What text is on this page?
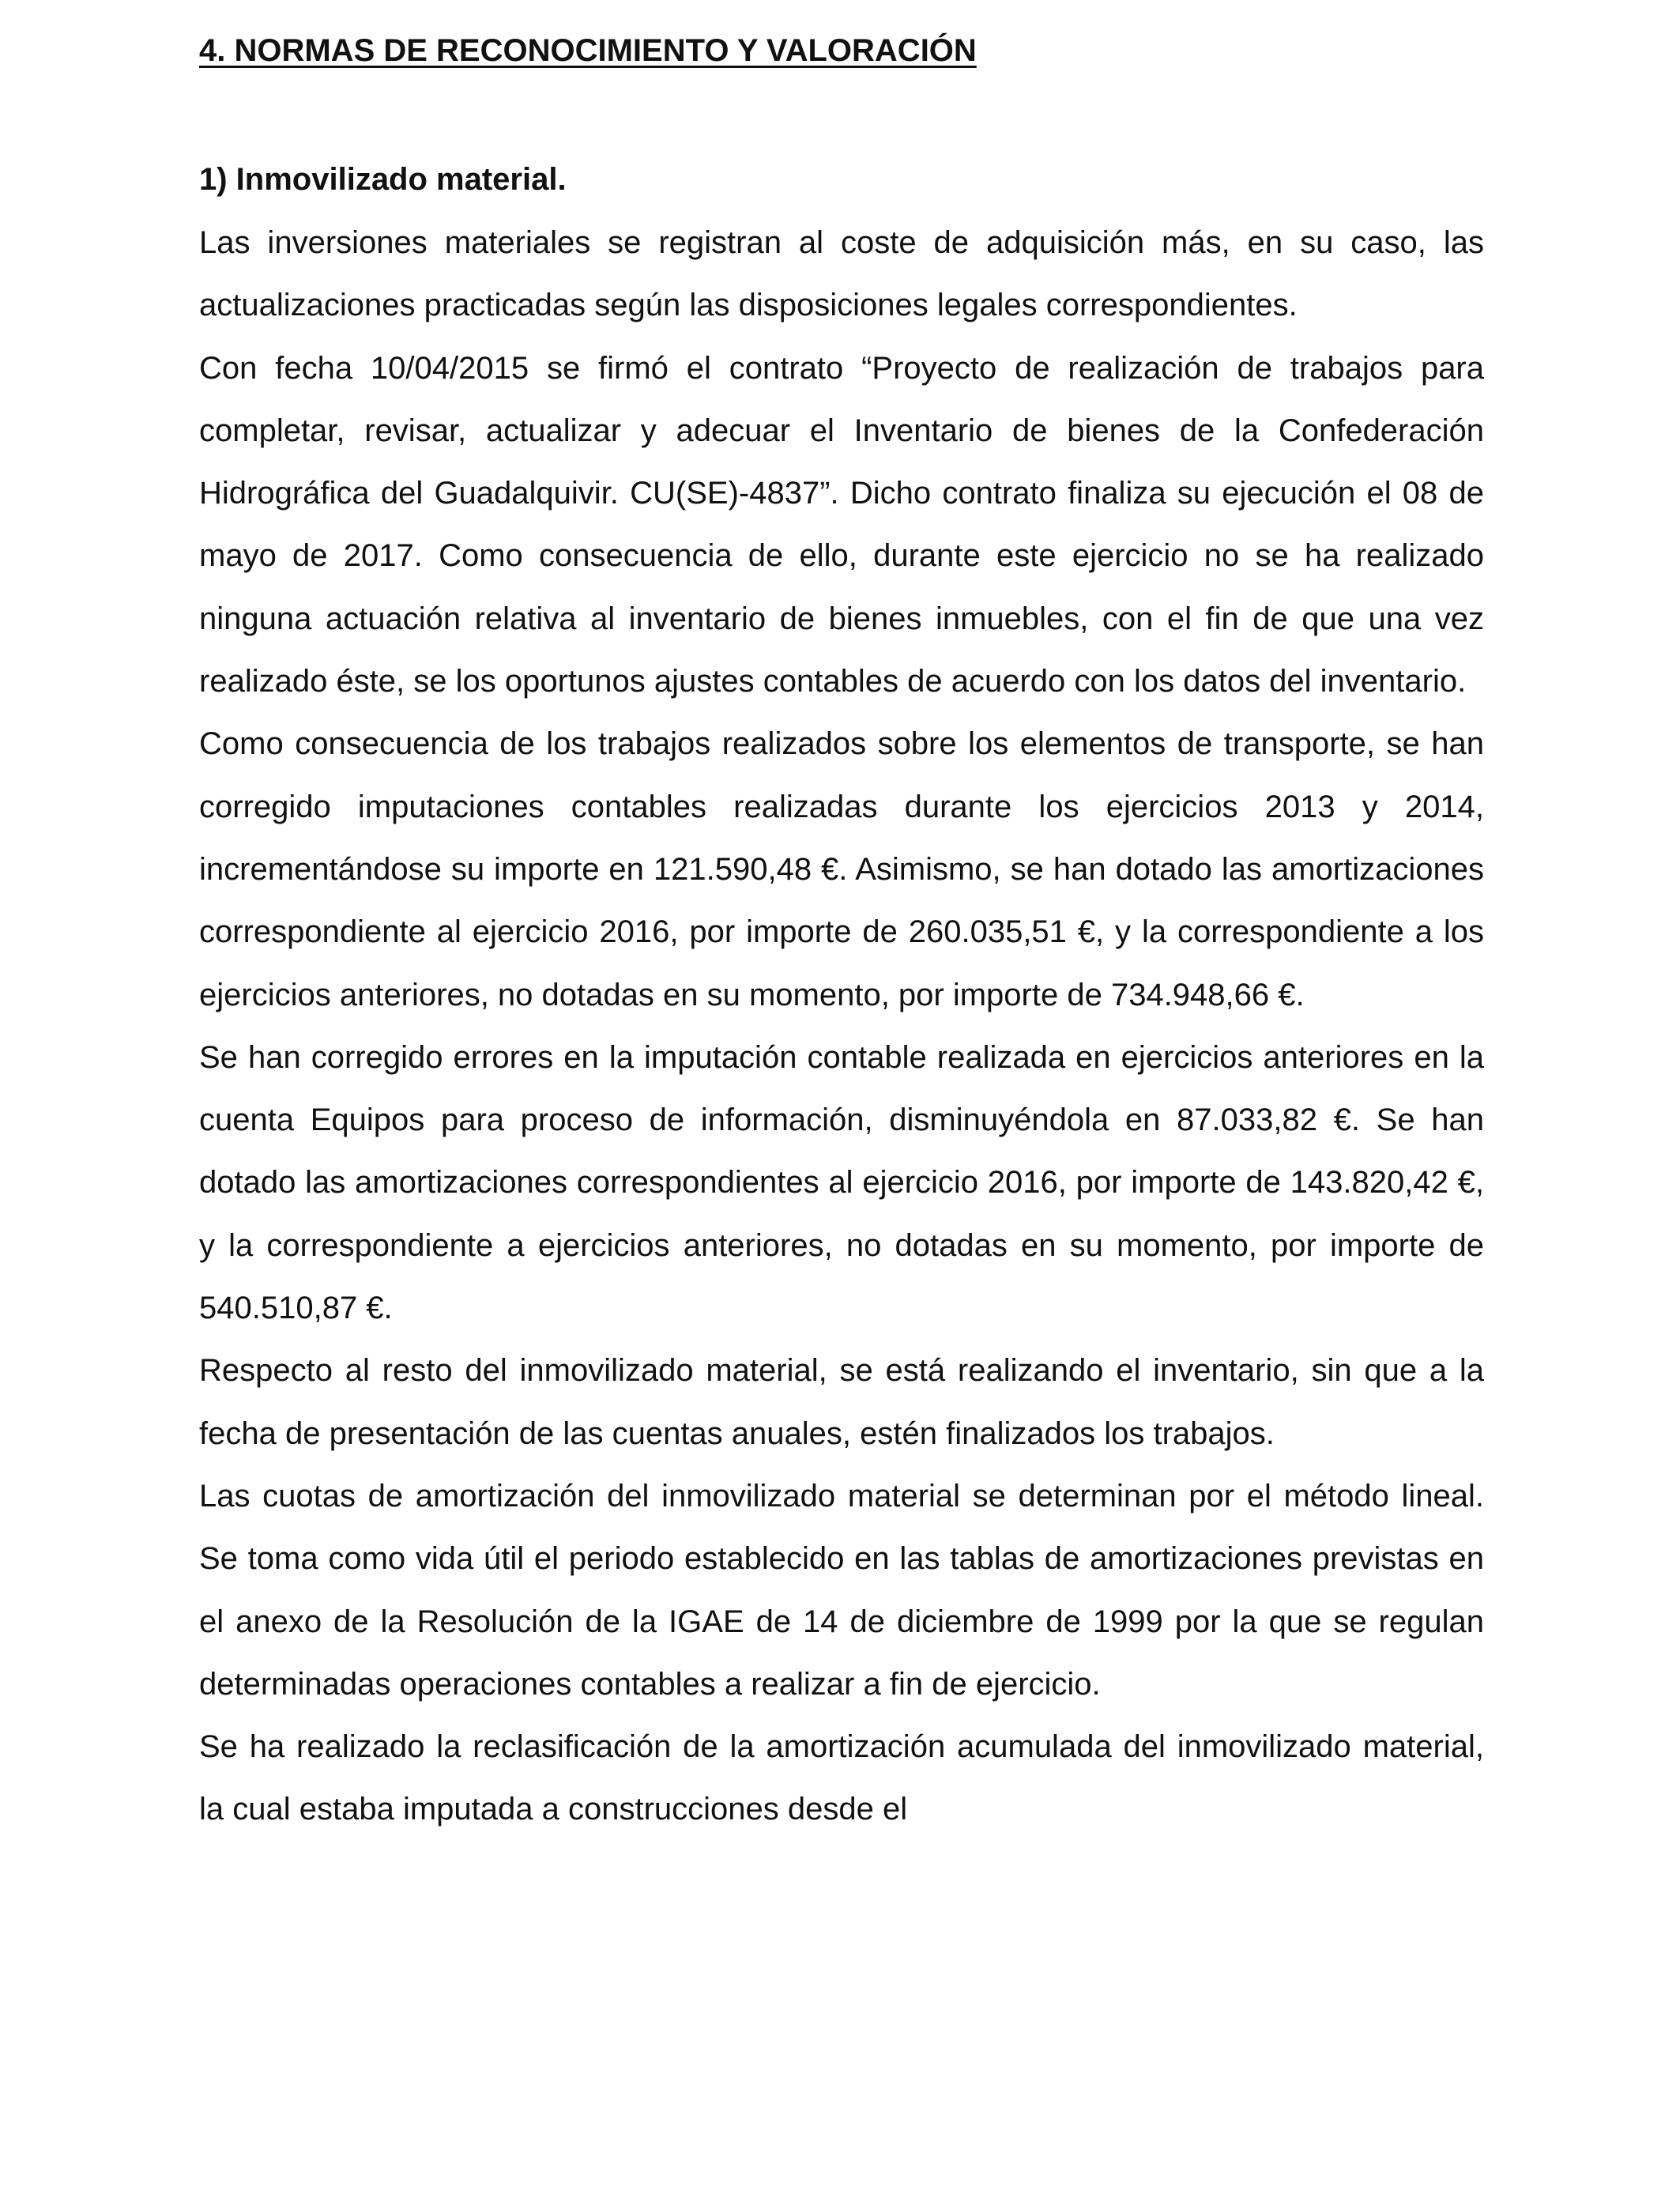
4. NORMAS DE RECONOCIMIENTO Y VALORACIÓN
1) Inmovilizado material.

Las inversiones materiales se registran al coste de adquisición más, en su caso, las actualizaciones practicadas según las disposiciones legales correspondientes.

Con fecha 10/04/2015 se firmó el contrato “Proyecto de realización de trabajos para completar, revisar, actualizar y adecuar el Inventario de bienes de la Confederación Hidrográfica del Guadalquivir. CU(SE)-4837”. Dicho contrato finaliza su ejecución el 08 de mayo de 2017. Como consecuencia de ello, durante este ejercicio no se ha realizado ninguna actuación relativa al inventario de bienes inmuebles, con el fin de que una vez realizado éste, se los oportunos ajustes contables de acuerdo con los datos del inventario.

Como consecuencia de los trabajos realizados sobre los elementos de transporte, se han corregido imputaciones contables realizadas durante los ejercicios 2013 y 2014, incrementándose su importe en 121.590,48 €. Asimismo, se han dotado las amortizaciones correspondiente al ejercicio 2016, por importe de 260.035,51 €, y la correspondiente a los ejercicios anteriores, no dotadas en su momento, por importe de 734.948,66 €.

Se han corregido errores en la imputación contable realizada en ejercicios anteriores en la cuenta Equipos para proceso de información, disminuyéndola en 87.033,82 €. Se han dotado las amortizaciones correspondientes al ejercicio 2016, por importe de 143.820,42 €, y la correspondiente a ejercicios anteriores, no dotadas en su momento, por importe de 540.510,87 €.

Respecto al resto del inmovilizado material, se está realizando el inventario, sin que a la fecha de presentación de las cuentas anuales, estén finalizados los trabajos.

Las cuotas de amortización del inmovilizado material se determinan por el método lineal. Se toma como vida útil el periodo establecido en las tablas de amortizaciones previstas en el anexo de la Resolución de la IGAE de 14 de diciembre de 1999 por la que se regulan determinadas operaciones contables a realizar a fin de ejercicio.

Se ha realizado la reclasificación de la amortización acumulada del inmovilizado material, la cual estaba imputada a construcciones desde el
